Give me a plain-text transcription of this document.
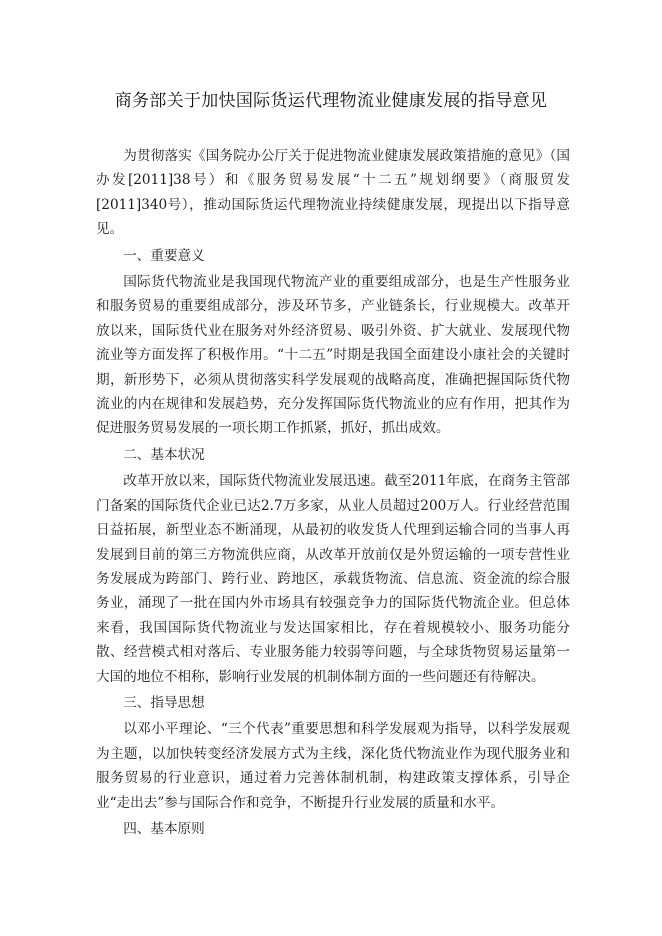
商务部关于加快国际货运代理物流业健康发展的指导意见

为贯彻落实《国务院办公厅关于促进物流业健康发展政策措施的意见》（国办发[2011]38号）和《服务贸易发展“十二五”规划纲要》（商服贸发[2011]340号），推动国际货运代理物流业持续健康发展，现提出以下指导意见。

一、重要意义

国际货代物流业是我国现代物流产业的重要组成部分，也是生产性服务业和服务贸易的重要组成部分，涉及环节多，产业链条长，行业规模大。改革开放以来，国际货代业在服务对外经济贸易、吸引外资、扩大就业、发展现代物流业等方面发挥了积极作用。“十二五”时期是我国全面建设小康社会的关键时期，新形势下，必须从贯彻落实科学发展观的战略高度，准确把握国际货代物流业的内在规律和发展趋势，充分发挥国际货代物流业的应有作用，把其作为促进服务贸易发展的一项长期工作抓紧，抓好，抓出成效。

二、基本状况

改革开放以来，国际货代物流业发展迅速。截至2011年底，在商务主管部门备案的国际货代企业已达2.7万多家，从业人员超过200万人。行业经营范围日益拓展，新型业态不断涌现，从最初的收发货人代理到运输合同的当事人再发展到目前的第三方物流供应商，从改革开放前仅是外贸运输的一项专营性业务发展成为跨部门、跨行业、跨地区，承载货物流、信息流、资金流的综合服务业，涌现了一批在国内外市场具有较强竞争力的国际货代物流企业。但总体来看，我国国际货代物流业与发达国家相比，存在着规模较小、服务功能分散、经营模式相对落后、专业服务能力较弱等问题，与全球货物贸易运量第一大国的地位不相称，影响行业发展的机制体制方面的一些问题还有待解决。

三、指导思想

以邓小平理论、“三个代表”重要思想和科学发展观为指导，以科学发展观为主题，以加快转变经济发展方式为主线，深化货代物流业作为现代服务业和服务贸易的行业意识，通过着力完善体制机制，构建政策支撑体系，引导企业“走出去”参与国际合作和竞争，不断提升行业发展的质量和水平。

四、基本原则
